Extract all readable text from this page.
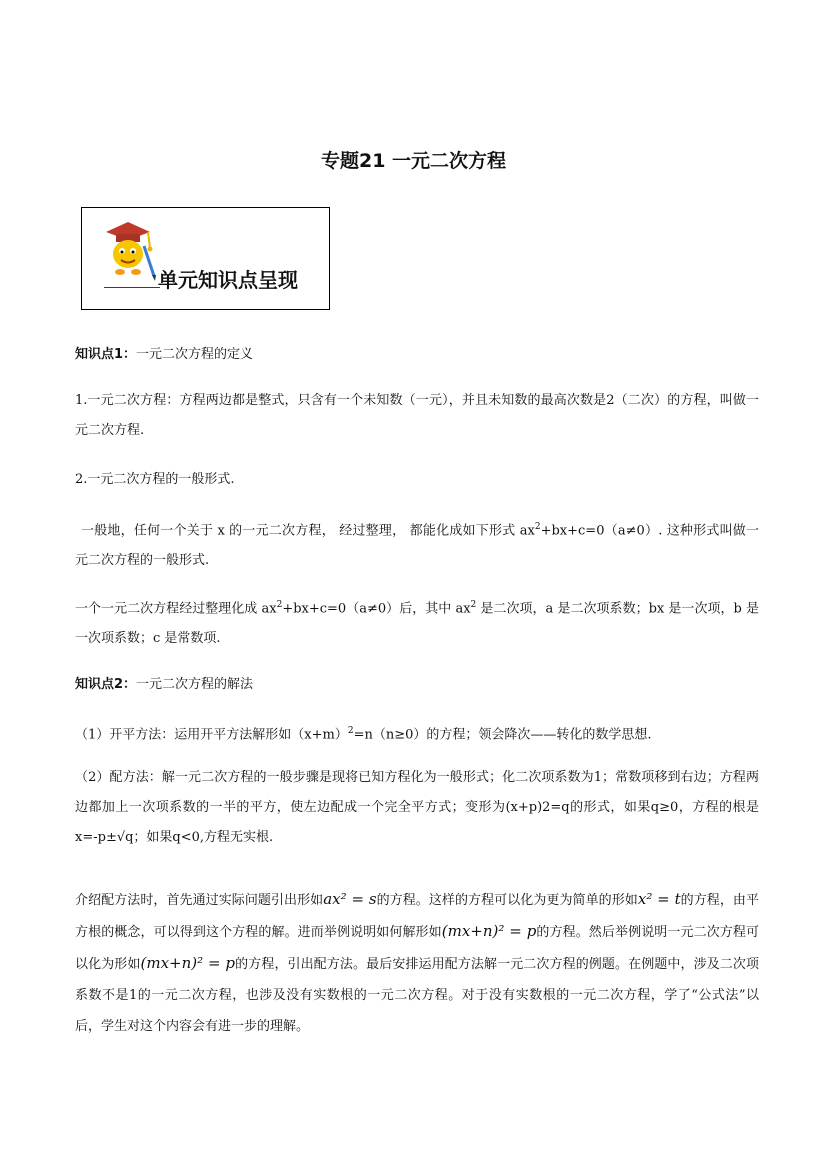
专题21 一元二次方程
单元知识点呈现
知识点1：一元二次方程的定义
1.一元二次方程：方程两边都是整式，只含有一个未知数（一元），并且未知数的最高次数是2（二次）的方程，叫做一元二次方程.
2.一元二次方程的一般形式.
一般地，任何一个关于 x 的一元二次方程， 经过整理， 都能化成如下形式 $ax^2+bx+c=0(a\ne 0)$. 这种形式叫做一元二次方程的一般形式.
一个一元二次方程经过整理化成 $ax^2+bx+c=0(a\ne 0)$后，其中 $ax^2$ 是二次项，a 是二次项系数；bx 是一次项，b 是一次项系数；c 是常数项.
知识点2：一元二次方程的解法
（1）开平方法：运用开平方法解形如$(x+m)^2=n(n\ge 0)$的方程；领会降次——转化的数学思想.
（2）配方法：解一元二次方程的一般步骤是现将已知方程化为一般形式；化二次项系数为1；常数项移到右边；方程两边都加上一次项系数的一半的平方，使左边配成一个完全平方式；变形为(x+p)2=q的形式，如果q≥0，方程的根是x=-p±√q；如果q<0,方程无实根.
介绍配方法时，首先通过实际问题引出形如ax² = s的方程。这样的方程可以化为更为简单的形如x² = t的方程，由平方根的概念，可以得到这个方程的解。进而举例说明如何解形如(mx+n)² = p的方程。然后举例说明一元二次方程可以化为形如(mx+n)² = p的方程，引出配方法。最后安排运用配方法解一元二次方程的例题。在例题中，涉及二次项系数不是1的一元二次方程，也涉及没有实数根的一元二次方程。对于没有实数根的一元二次方程，学了“公式法”以后，学生对这个内容会有进一步的理解。
